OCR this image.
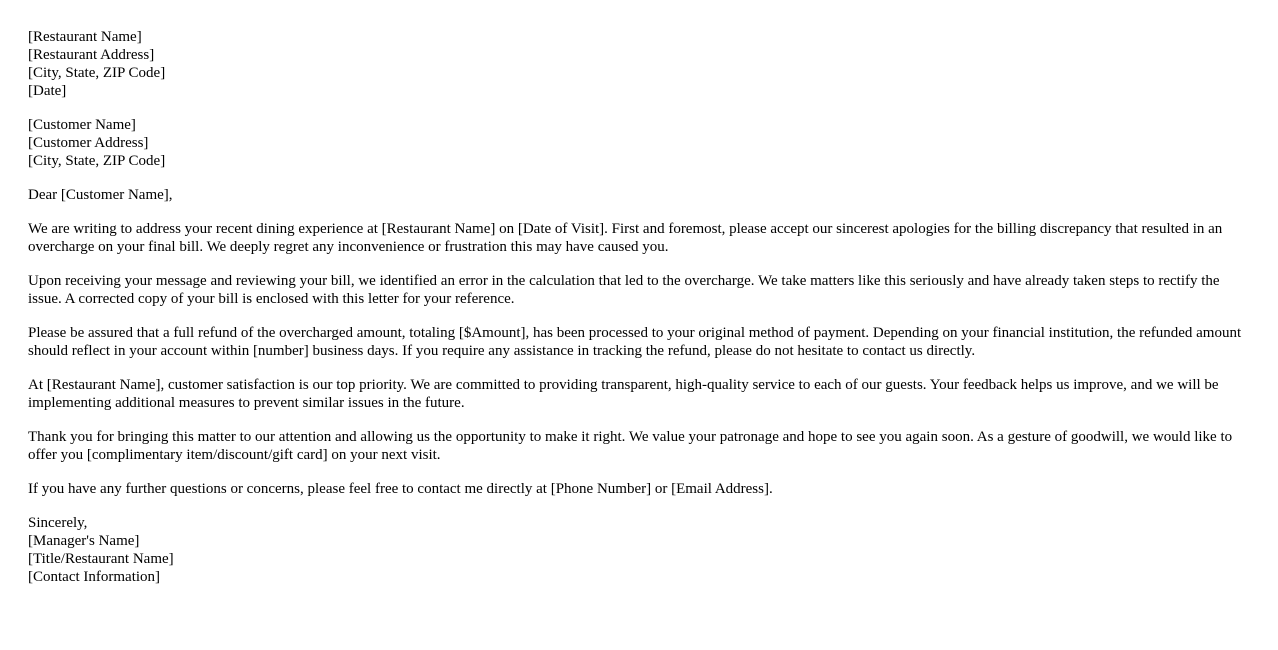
[Restaurant Name]
[Restaurant Address]
[City, State, ZIP Code]
[Date]
[Customer Name]
[Customer Address]
[City, State, ZIP Code]

Dear [Customer Name],

We are writing to address your recent dining experience at [Restaurant Name] on [Date of Visit]. First and foremost, please accept our sincerest apologies for the billing discrepancy that resulted in an overcharge on your final bill. We deeply regret any inconvenience or frustration this may have caused you.

Upon receiving your message and reviewing your bill, we identified an error in the calculation that led to the overcharge. We take matters like this seriously and have already taken steps to rectify the issue. A corrected copy of your bill is enclosed with this letter for your reference.

Please be assured that a full refund of the overcharged amount, totaling [$Amount], has been processed to your original method of payment. Depending on your financial institution, the refunded amount should reflect in your account within [number] business days. If you require any assistance in tracking the refund, please do not hesitate to contact us directly.

At [Restaurant Name], customer satisfaction is our top priority. We are committed to providing transparent, high-quality service to each of our guests. Your feedback helps us improve, and we will be implementing additional measures to prevent similar issues in the future.

Thank you for bringing this matter to our attention and allowing us the opportunity to make it right. We value your patronage and hope to see you again soon. As a gesture of goodwill, we would like to offer you [complimentary item/discount/gift card] on your next visit.

If you have any further questions or concerns, please feel free to contact me directly at [Phone Number] or [Email Address].

Sincerely,
[Manager's Name]
[Title/Restaurant Name]
[Contact Information]
